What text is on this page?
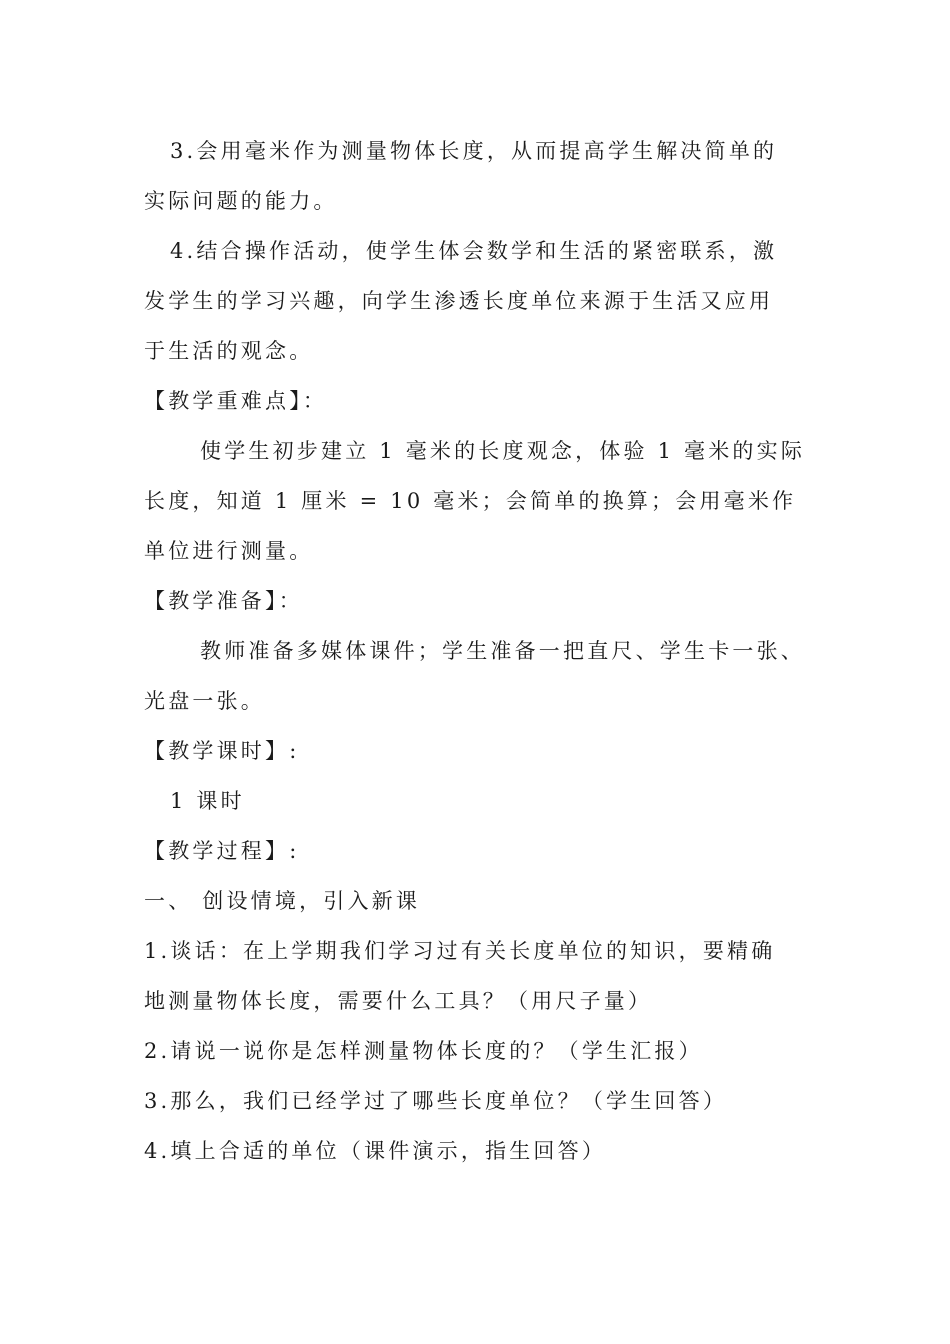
3.会用毫米作为测量物体长度，从而提高学生解决简单的
实际问题的能力。
4.结合操作活动，使学生体会数学和生活的紧密联系，激
发学生的学习兴趣，向学生渗透长度单位来源于生活又应用
于生活的观念。
【教学重难点】：
使学生初步建立 1 毫米的长度观念，体验 1 毫米的实际
长度，知道 1 厘米 = 10 毫米；会简单的换算；会用毫米作
单位进行测量。
【教学准备】：
教师准备多媒体课件；学生准备一把直尺、学生卡一张、
光盘一张。
【教学课时】:
1 课时
【教学过程】:
一、 创设情境，引入新课
1.谈话：在上学期我们学习过有关长度单位的知识，要精确
地测量物体长度，需要什么工具？（用尺子量）
2.请说一说你是怎样测量物体长度的？（学生汇报）
3.那么，我们已经学过了哪些长度单位？（学生回答）
4.填上合适的单位（课件演示，指生回答）
